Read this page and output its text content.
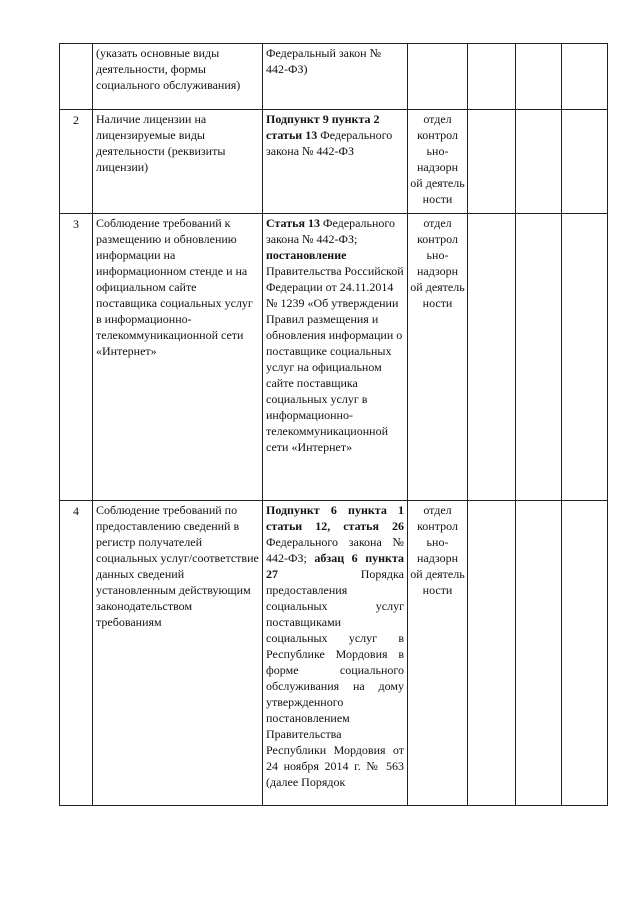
	(указать основные виды деятельности, формы социального обслуживания)	Федеральный закон № 442-ФЗ)				
2	Наличие лицензии на лицензируемые виды деятельности (реквизиты лицензии)	Подпункт 9 пункта 2 статьи 13 Федерального закона № 442-ФЗ	отдел контрол ьно-надзорн ой деятель ности			
3	Соблюдение требований к размещению и обновлению информации на информационном стенде и на официальном сайте поставщика социальных услуг в информационно-телекоммуникационной сети «Интернет»	Статья 13 Федерального закона № 442-ФЗ; постановление Правительства Российской Федерации от 24.11.2014 № 1239 «Об утверждении Правил размещения и обновления информации о поставщике социальных услуг на официальном сайте поставщика социальных услуг в информационно-телекоммуникационной сети «Интернет»	отдел контрол ьно-надзорн ой деятель ности			
4	Соблюдение требований по предоставлению сведений в регистр получателей социальных услуг/соответствие данных сведений установленным действующим законодательством требованиям	Подпункт 6 пункта 1 статьи 12, статья 26 Федерального закона № 442-ФЗ; абзац 6 пункта 27 Порядка предоставления социальных услуг поставщиками социальных услуг в Республике Мордовия в форме социального обслуживания на дому утвержденного постановлением Правительства Республики Мордовия от 24 ноября 2014 г. № 563 (далее Порядок	отдел контрол ьно-надзорн ой деятель ности			
